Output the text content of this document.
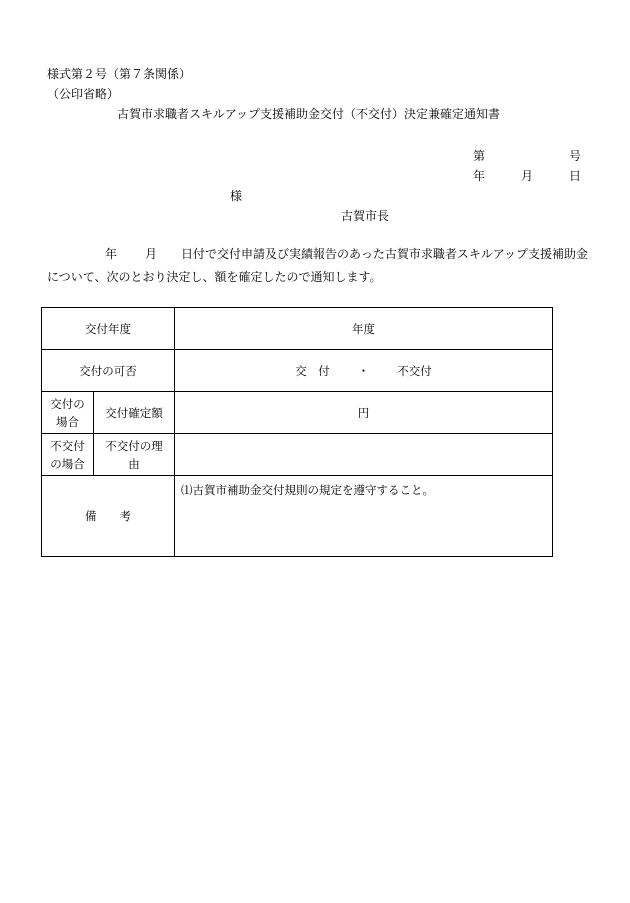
様式第２号（第７条関係）
（公印省略）
古賀市求職者スキルアップ支援補助金交付（不交付）決定兼確定通知書
第	号
年	月	日
様
古賀市長
年 月 日付で交付申請及び実績報告のあった古賀市求職者スキルアップ支援補助金について、次のとおり決定し、額を確定したので通知します。
交付年度		年度
交付の可否		交　付 ・ 不交付
交付の場合	交付確定額	円
不交付の場合	不交付の理由	
備　　考		⑴古賀市補助金交付規則の規定を遵守すること。
